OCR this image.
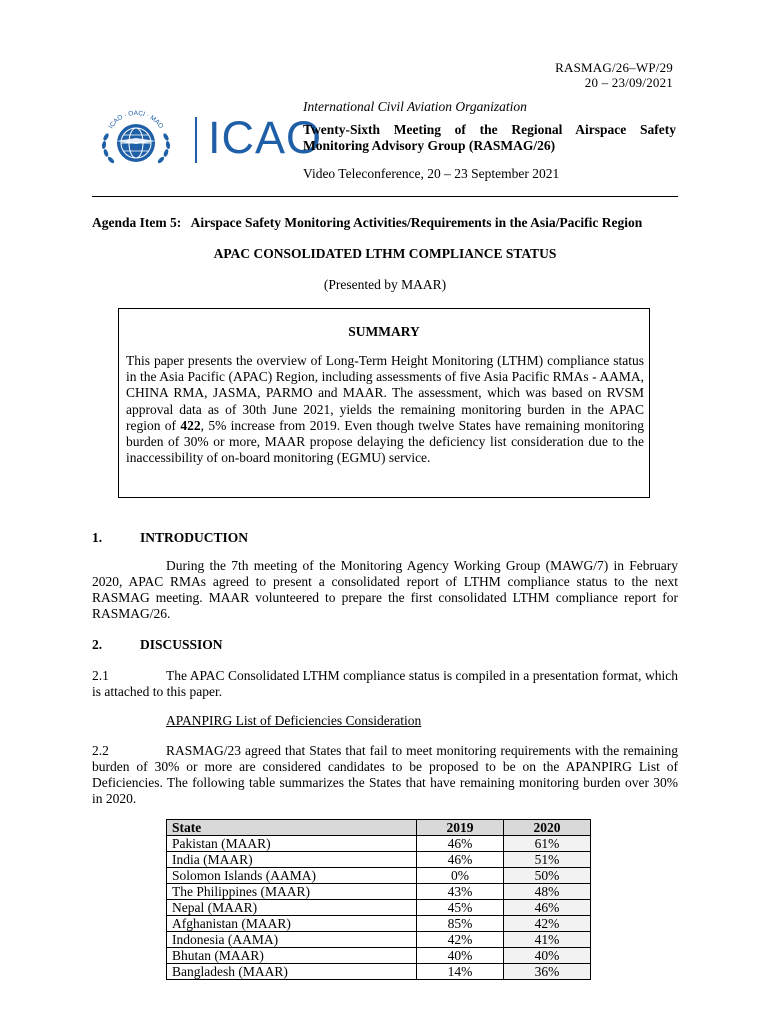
RASMAG/26–WP/29
20 – 23/09/2021
ICAO · OACI · MAO ICAO
International Civil Aviation Organization
Twenty-Sixth Meeting of the Regional Airspace Safety Monitoring Advisory Group (RASMAG/26)
Video Teleconference, 20 – 23 September 2021
Agenda Item 5: Airspace Safety Monitoring Activities/Requirements in the Asia/Pacific Region
APAC CONSOLIDATED LTHM COMPLIANCE STATUS
(Presented by MAAR)
SUMMARY
This paper presents the overview of Long-Term Height Monitoring (LTHM) compliance status in the Asia Pacific (APAC) Region, including assessments of five Asia Pacific RMAs - AAMA, CHINA RMA, JASMA, PARMO and MAAR. The assessment, which was based on RVSM approval data as of 30th June 2021, yields the remaining monitoring burden in the APAC region of 422, 5% increase from 2019. Even though twelve States have remaining monitoring burden of 30% or more, MAAR propose delaying the deficiency list consideration due to the inaccessibility of on-board monitoring (EGMU) service.
1.	INTRODUCTION
During the 7th meeting of the Monitoring Agency Working Group (MAWG/7) in February 2020, APAC RMAs agreed to present a consolidated report of LTHM compliance status to the next RASMAG meeting. MAAR volunteered to prepare the first consolidated LTHM compliance report for RASMAG/26.
2.	DISCUSSION
2.1	The APAC Consolidated LTHM compliance status is compiled in a presentation format, which is attached to this paper.
APANPIRG List of Deficiencies Consideration
2.2	RASMAG/23 agreed that States that fail to meet monitoring requirements with the remaining burden of 30% or more are considered candidates to be proposed to be on the APANPIRG List of Deficiencies. The following table summarizes the States that have remaining monitoring burden over 30% in 2020.
State	2019	2020
Pakistan (MAAR)	46%	61%
India (MAAR)	46%	51%
Solomon Islands (AAMA)	0%	50%
The Philippines (MAAR)	43%	48%
Nepal (MAAR)	45%	46%
Afghanistan (MAAR)	85%	42%
Indonesia (AAMA)	42%	41%
Bhutan (MAAR)	40%	40%
Bangladesh (MAAR)	14%	36%
